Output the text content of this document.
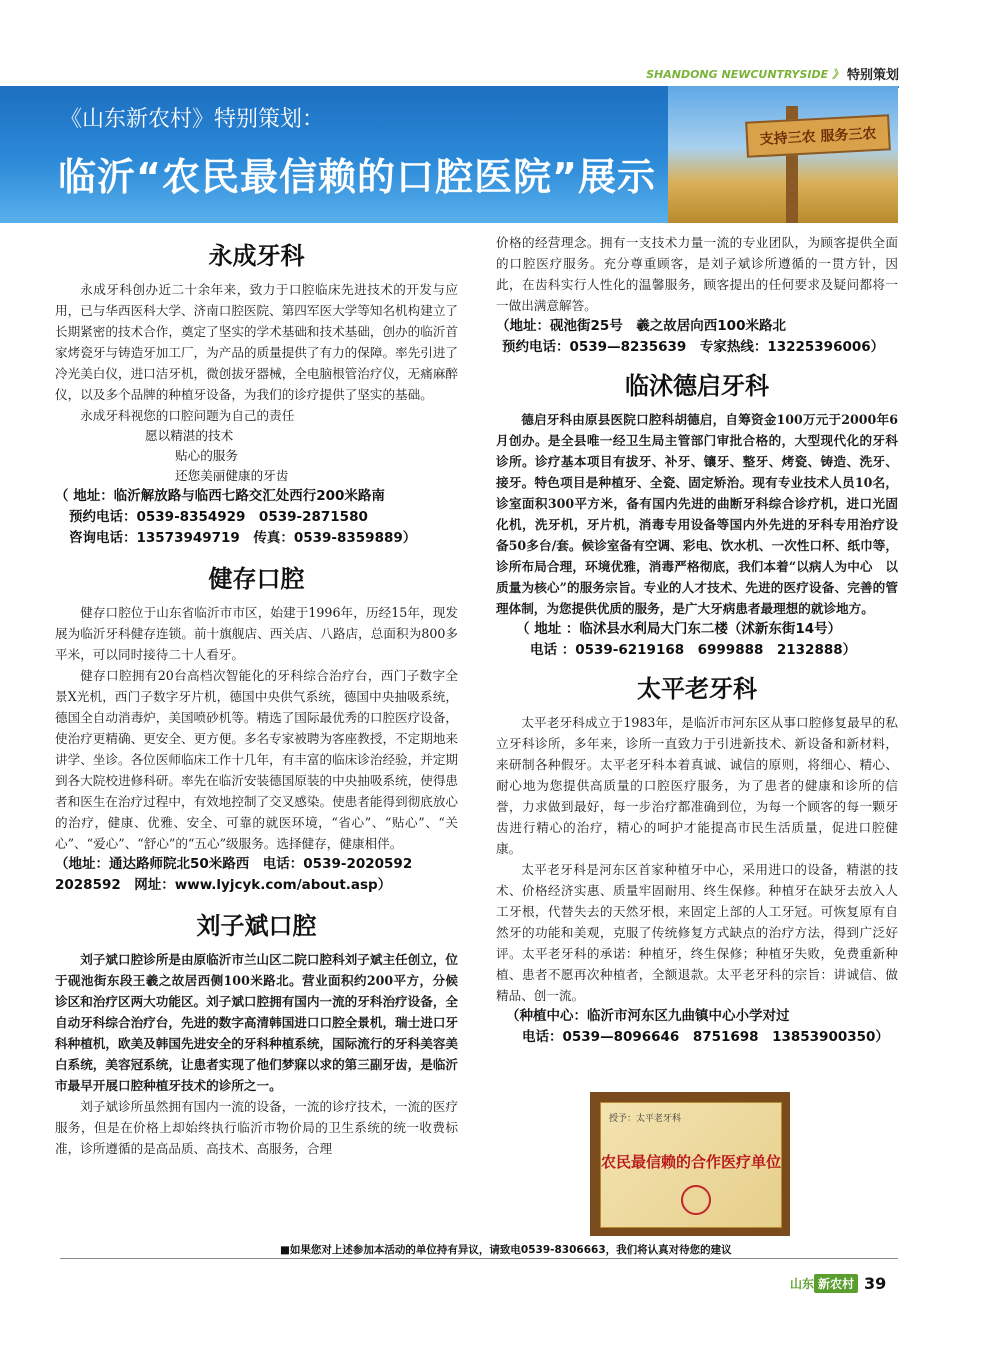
SHANDONG NEWCUNTRYSIDE 》 特别策划
支持三农 服务三农
《山东新农村》特别策划：
临沂“农民最信赖的口腔医院”展示
永成牙科

永成牙科创办近二十余年来，致力于口腔临床先进技术的开发与应用，已与华西医科大学、济南口腔医院、第四军医大学等知名机构建立了长期紧密的技术合作，奠定了坚实的学术基础和技术基础，创办的临沂首家烤瓷牙与铸造牙加工厂，为产品的质量提供了有力的保障。率先引进了冷光美白仪，进口洁牙机，微创拔牙器械，全电脑根管治疗仪，无痛麻醉仪，以及多个品牌的种植牙设备，为我们的诊疗提供了坚实的基础。

永成牙科视您的口腔问题为自己的责任

愿以精湛的技术

贴心的服务

还您美丽健康的牙齿

（ 地址：临沂解放路与临西七路交汇处西行200米路南

预约电话：0539-8354929　0539-2871580

咨询电话：13573949719　传真：0539-8359889）

健存口腔

健存口腔位于山东省临沂市市区，始建于1996年，历经15年，现发展为临沂牙科健存连锁。前十旗舰店、西关店、八路店，总面积为800多平米，可以同时接待二十人看牙。

健存口腔拥有20台高档次智能化的牙科综合治疗台，西门子数字全景X光机，西门子数字牙片机，德国中央供气系统，德国中央抽吸系统，德国全自动消毒炉，美国喷砂机等。精选了国际最优秀的口腔医疗设备，使治疗更精确、更安全、更方便。多名专家被聘为客座教授，不定期地来讲学、坐诊。各位医师临床工作十几年，有丰富的临床诊治经验，并定期到各大院校进修科研。率先在临沂安装德国原装的中央抽吸系统，使得患者和医生在治疗过程中，有效地控制了交叉感染。使患者能得到彻底放心的治疗，健康、优雅、安全、可靠的就医环境，“省心”、“贴心”、“关心”、“爱心”、“舒心”的“五心”级服务。选择健存，健康相伴。

（地址：通达路师院北50米路西　电话：0539-2020592　2028592　网址：www.lyjcyk.com/about.asp）

刘子斌口腔

刘子斌口腔诊所是由原临沂市兰山区二院口腔科刘子斌主任创立，位于砚池街东段王羲之故居西侧100米路北。营业面积约200平方，分候诊区和治疗区两大功能区。刘子斌口腔拥有国内一流的牙科治疗设备，全自动牙科综合治疗台，先进的数字高清韩国进口口腔全景机，瑞士进口牙科种植机，欧美及韩国先进安全的牙科种植系统，国际流行的牙科美容美白系统，美容冠系统，让患者实现了他们梦寐以求的第三副牙齿，是临沂市最早开展口腔种植牙技术的诊所之一。

刘子斌诊所虽然拥有国内一流的设备，一流的诊疗技术，一流的医疗服务，但是在价格上却始终执行临沂市物价局的卫生系统的统一收费标准，诊所遵循的是高品质、高技术、高服务，合理

价格的经营理念。拥有一支技术力量一流的专业团队，为顾客提供全面的口腔医疗服务。充分尊重顾客，是刘子斌诊所遵循的一贯方针，因此，在齿科实行人性化的温馨服务，顾客提出的任何要求及疑问都将一一做出满意解答。

（地址：砚池街25号　羲之故居向西100米路北

预约电话：0539—8235639　专家热线：13225396006）

临沭德启牙科

德启牙科由原县医院口腔科胡德启，自筹资金100万元于2000年6月创办。是全县唯一经卫生局主管部门审批合格的，大型现代化的牙科诊所。诊疗基本项目有拔牙、补牙、镶牙、整牙、烤瓷、铸造、洗牙、接牙。特色项目是种植牙、全瓷、固定矫治。现有专业技术人员10名，诊室面积300平方米，备有国内先进的曲断牙科综合诊疗机，进口光固化机，洗牙机，牙片机，消毒专用设备等国内外先进的牙科专用治疗设备50多台/套。候诊室备有空调、彩电、饮水机、一次性口杯、纸巾等，诊所布局合理，环境优雅，消毒严格彻底，我们本着“以病人为中心　以质量为核心”的服务宗旨。专业的人才技术、先进的医疗设备、完善的管理体制，为您提供优质的服务，是广大牙病患者最理想的就诊地方。

（ 地址 ：临沭县水利局大门东二楼（沭新东街14号）

电话 ：0539-6219168　6999888　2132888）

太平老牙科

太平老牙科成立于1983年，是临沂市河东区从事口腔修复最早的私立牙科诊所，多年来，诊所一直致力于引进新技术、新设备和新材料，来研制各种假牙。太平老牙科本着真诚、诚信的原则，将细心、精心、耐心地为您提供高质量的口腔医疗服务，为了患者的健康和诊所的信誉，力求做到最好，每一步治疗都准确到位，为每一个顾客的每一颗牙齿进行精心的治疗，精心的呵护才能提高市民生活质量，促进口腔健康。

太平老牙科是河东区首家种植牙中心，采用进口的设备，精湛的技术、价格经济实惠、质量牢固耐用、终生保修。种植牙在缺牙去放入人工牙根，代替失去的天然牙根，来固定上部的人工牙冠。可恢复原有自然牙的功能和美观，克服了传统修复方式缺点的治疗方法，得到广泛好评。太平老牙科的承诺：种植牙，终生保修；种植牙失败，免费重新种植、患者不愿再次种植者，全额退款。太平老牙科的宗旨：讲诚信、做精品、创一流。

（种植中心：临沂市河东区九曲镇中心小学对过

电话：0539—8096646　8751698　13853900350）

授予：太平老牙科
农民最信赖的合作医疗单位
■如果您对上述参加本活动的单位持有异议，请致电0539-8306663，我们将认真对待您的建议
山东 新农村 39
